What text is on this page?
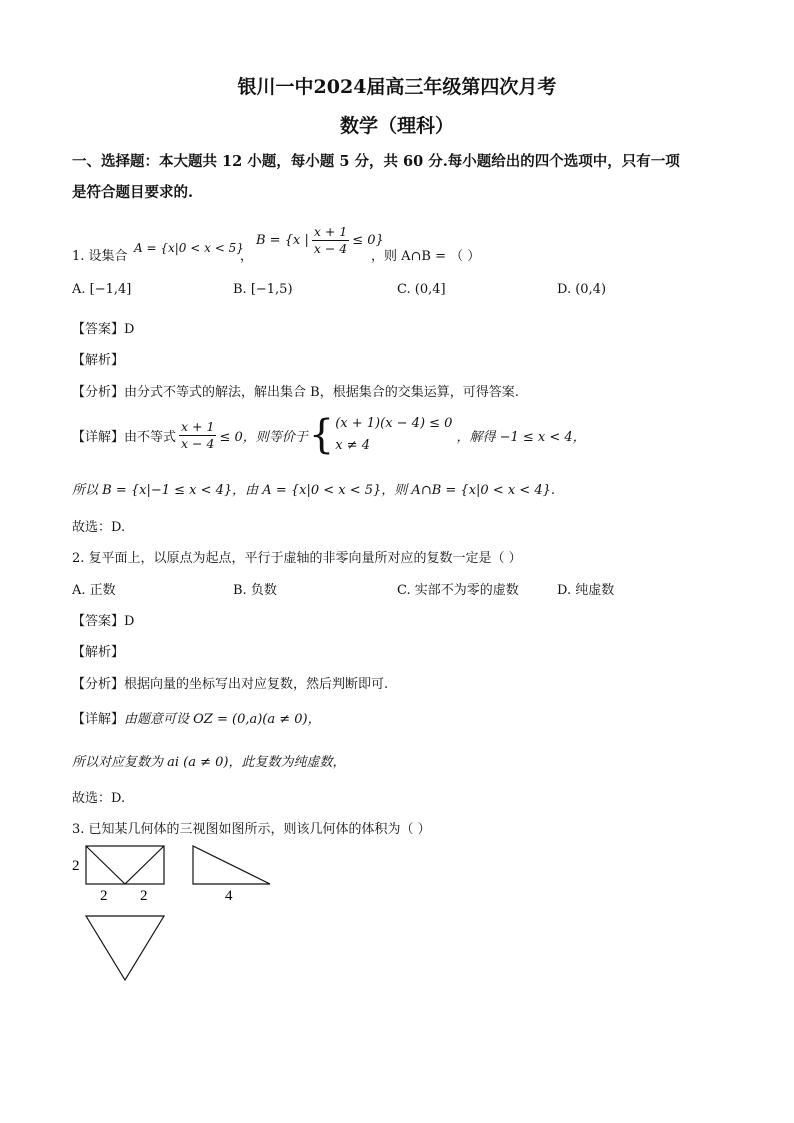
银川一中2024届高三年级第四次月考
数学（理科）
一、选择题：本大题共 12 小题，每小题 5 分，共 60 分.每小题给出的四个选项中，只有一项
是符合题目要求的.
1. 设集合
A = {x|0 < x < 5}
，
B = {x | $\frac{x + 1}{x - 4} \le 0$}
，则 A∩B = （ ）
A. [−1,4]	B. [−1,5)	C. (0,4]	D. (0,4)
【答案】D
【解析】
【分析】由分式不等式的解法，解出集合 B，根据集合的交集运算，可得答案.
【详解】 由不等式 $\frac{x + 1}{x - 4} \le 0$，则等价于 { (x + 1)(x − 4) ≤ 0
x ≠ 4
，解得 −1 ≤ x < 4，
所以 B = {x|−1 ≤ x < 4}，由 A = {x|0 < x < 5}，则 A∩B = {x|0 < x < 4}.
故选：D.
2. 复平面上，以原点为起点，平行于虚轴的非零向量所对应的复数一定是（ ）
A. 正数	B. 负数	C. 实部不为零的虚数	D. 纯虚数
【答案】D
【解析】
【分析】根据向量的坐标写出对应复数，然后判断即可.
【详解】由题意可设 OZ = (0,a)(a ≠ 0)，
所以对应复数为 ai (a ≠ 0)，此复数为纯虚数，
故选：D.
3. 已知某几何体的三视图如图所示，则该几何体的体积为（ ）
2
2 2	4
